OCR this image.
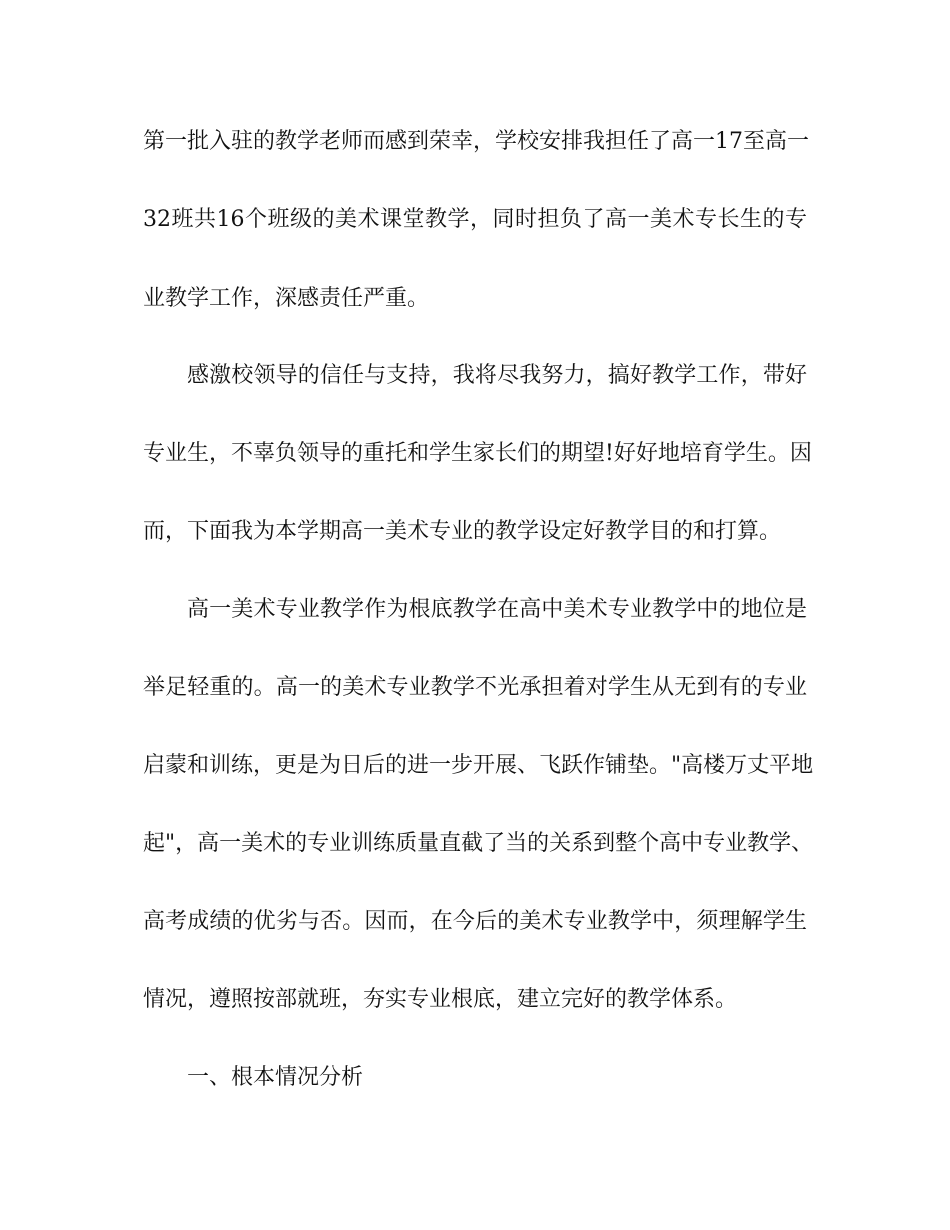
第一批入驻的教学老师而感到荣幸，学校安排我担任了高一17至高一
32班共16个班级的美术课堂教学，同时担负了高一美术专长生的专
业教学工作，深感责任严重。
感激校领导的信任与支持，我将尽我努力，搞好教学工作，带好
专业生，不辜负领导的重托和学生家长们的期望!好好地培育学生。因
而，下面我为本学期高一美术专业的教学设定好教学目的和打算。
高一美术专业教学作为根底教学在高中美术专业教学中的地位是
举足轻重的。高一的美术专业教学不光承担着对学生从无到有的专业
启蒙和训练，更是为日后的进一步开展、飞跃作铺垫。"高楼万丈平地
起"，高一美术的专业训练质量直截了当的关系到整个高中专业教学、
高考成绩的优劣与否。因而，在今后的美术专业教学中，须理解学生
情况，遵照按部就班，夯实专业根底，建立完好的教学体系。
一、根本情况分析
